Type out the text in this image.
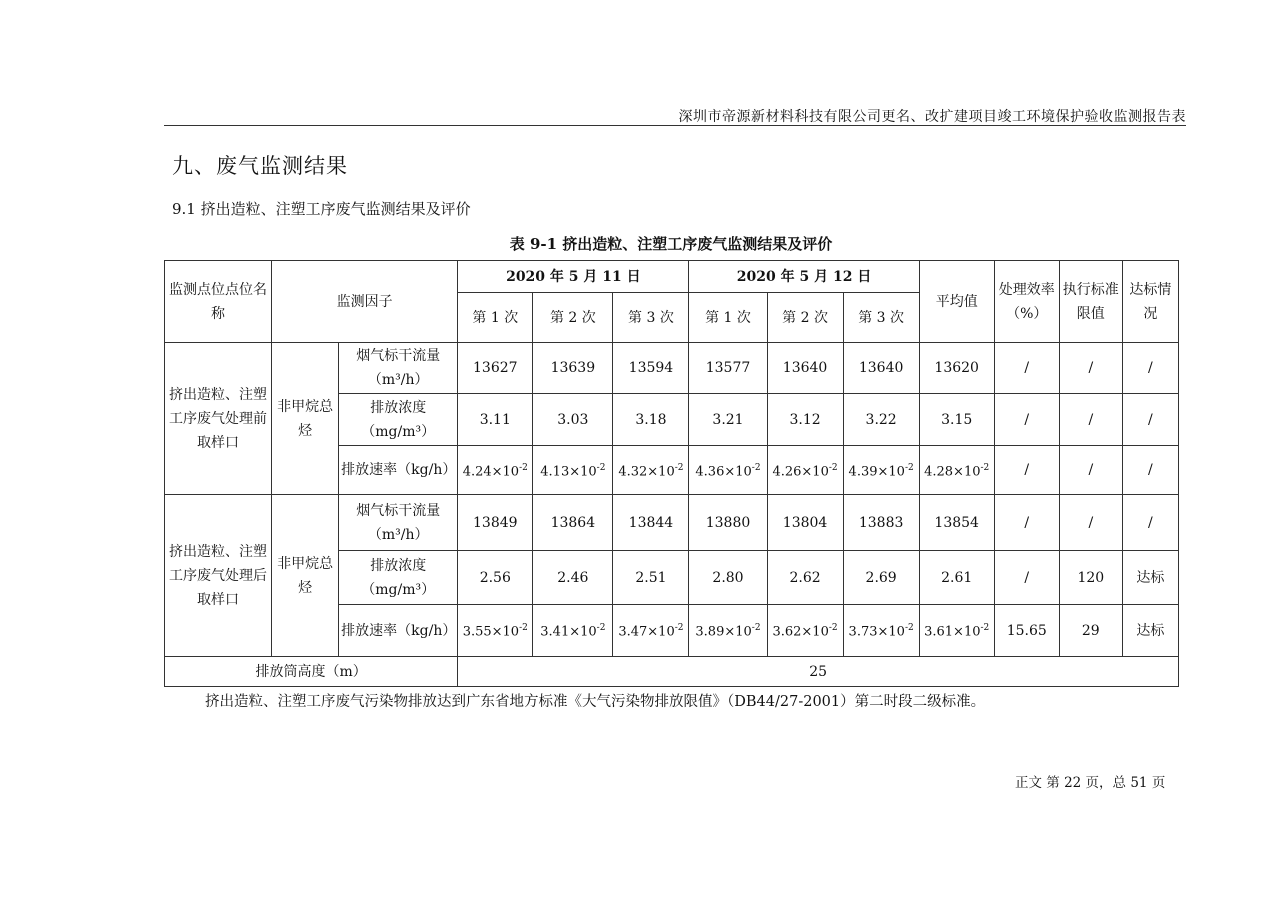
深圳市帝源新材料科技有限公司更名、改扩建项目竣工环境保护验收监测报告表
九、废气监测结果
9.1 挤出造粒、注塑工序废气监测结果及评价
表 9-1 挤出造粒、注塑工序废气监测结果及评价
监测点位点位名称	监测因子		2020 年 5 月 11 日			2020 年 5 月 12 日			平均值	处理效率（%）	执行标准限值	达标情况
			第 1 次	第 2 次	第 3 次	第 1 次	第 2 次	第 3 次				
挤出造粒、注塑工序废气处理前取样口	非甲烷总烃	烟气标干流量（m³/h）	13627	13639	13594	13577	13640	13640	13620	/	/	/
		排放浓度（mg/m³）	3.11	3.03	3.18	3.21	3.12	3.22	3.15	/	/	/
		排放速率（kg/h）	$4.24\times 10^{-2}$	$4.13\times 10^{-2}$	$4.32\times 10^{-2}$	$4.36\times 10^{-2}$	$4.26\times 10^{-2}$	$4.39\times 10^{-2}$	$4.28\times 10^{-2}$	/	/	/
挤出造粒、注塑工序废气处理后取样口	非甲烷总烃	烟气标干流量（m³/h）	13849	13864	13844	13880	13804	13883	13854	/	/	/
		排放浓度（mg/m³）	2.56	2.46	2.51	2.80	2.62	2.69	2.61	/	120	达标
		排放速率（kg/h）	$3.55\times 10^{-2}$	$3.41\times 10^{-2}$	$3.47\times 10^{-2}$	$3.89\times 10^{-2}$	$3.62\times 10^{-2}$	$3.73\times 10^{-2}$	$3.61\times 10^{-2}$	15.65	29	达标
排放筒高度（m）			25									
挤出造粒、注塑工序废气污染物排放达到广东省地方标准《大气污染物排放限值》（DB44/27-2001）第二时段二级标准。
正文 第 22 页，总 51 页
